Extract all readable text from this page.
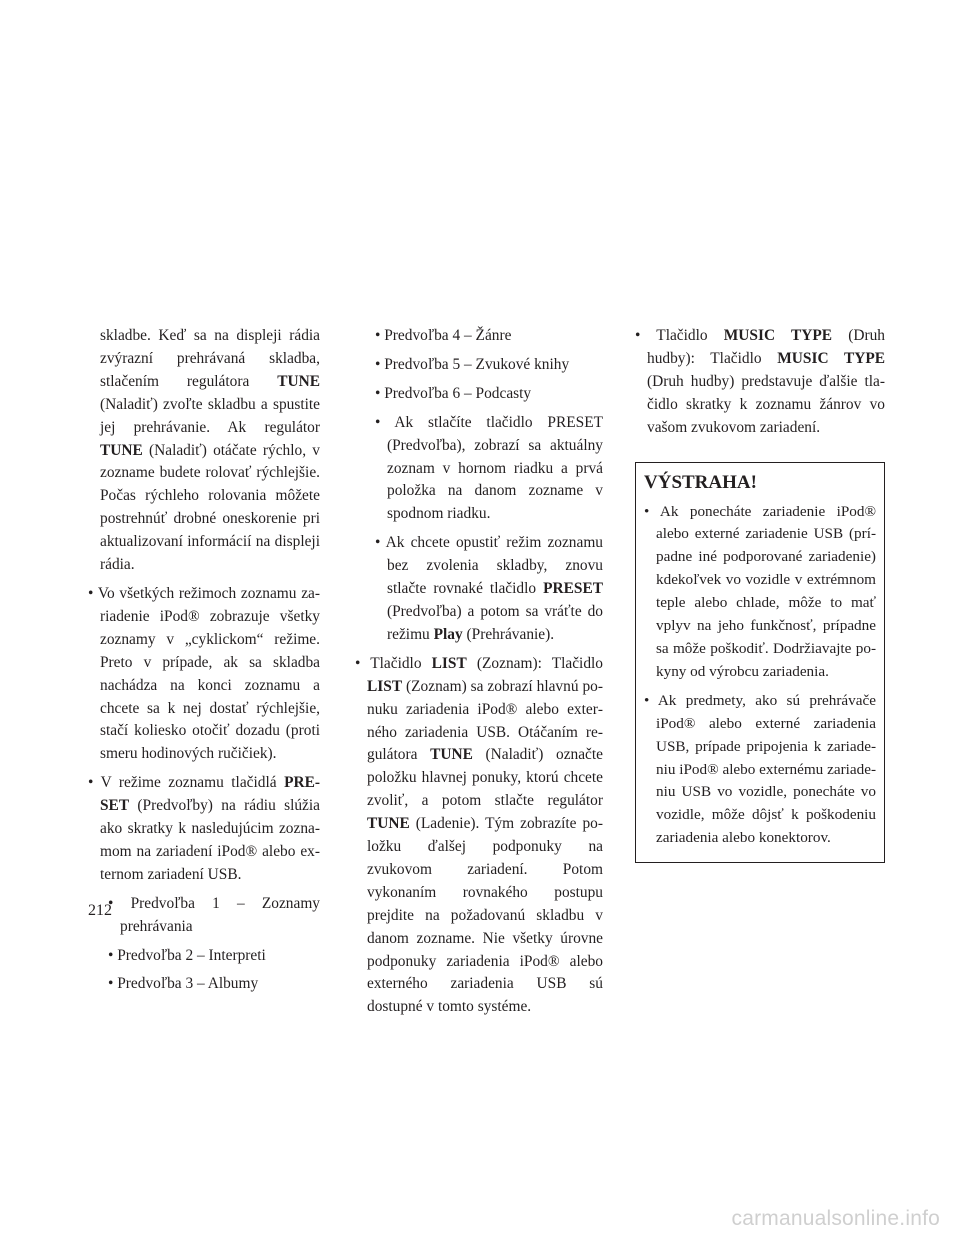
skladbe. Keď sa na displeji rádia zvýrazní prehrávaná skladba, stlačením regulátora TUNE (Naladiť) zvoľte skladbu a spustite jej prehrávanie. Ak regulátor TUNE (Naladiť) otáčate rýchlo, v zozname budete rolovať rýchlejšie. Počas rýchleho rolovania môžete postrehnúť drobné oneskorenie pri aktualizovaní informácií na displeji rádia.

• Vo všetkých režimoch zoznamu zariadenie iPod® zobrazuje všetky zoznamy v „cyklickom“ režime. Preto v prípade, ak sa skladba nachádza na konci zoznamu a chcete sa k nej dostať rýchlejšie, stačí koliesko otočiť dozadu (proti smeru hodinových ručičiek).

• V režime zoznamu tlačidlá PRESET (Predvoľby) na rádiu slúžia ako skratky k nasledujúcim zoznamom na zariadení iPod® alebo externom zariadení USB.

• Predvoľba 1 – Zoznamy prehrávania

• Predvoľba 2 – Interpreti

• Predvoľba 3 – Albumy

• Predvoľba 4 – Žánre

• Predvoľba 5 – Zvukové knihy

• Predvoľba 6 – Podcasty

• Ak stlačíte tlačidlo PRESET (Predvoľba), zobrazí sa aktuálny zoznam v hornom riadku a prvá položka na danom zozname v spodnom riadku.

• Ak chcete opustiť režim zoznamu bez zvolenia skladby, znovu stlačte rovnaké tlačidlo PRESET (Predvoľba) a potom sa vráťte do režimu Play (Prehrávanie).

• Tlačidlo LIST (Zoznam): Tlačidlo LIST (Zoznam) sa zobrazí hlavnú ponuku zariadenia iPod® alebo externého zariadenia USB. Otáčaním regulátora TUNE (Naladiť) označte položku hlavnej ponuky, ktorú chcete zvoliť, a potom stlačte regulátor TUNE (Ladenie). Tým zobrazíte položku ďalšej podponuky na zvukovom zariadení. Potom vykonaním rovnakého postupu prejdite na požadovanú skladbu v danom zozname. Nie všetky úrovne podponuky zariadenia iPod® alebo externého zariadenia USB sú dostupné v tomto systéme.

• Tlačidlo MUSIC TYPE (Druh hudby): Tlačidlo MUSIC TYPE (Druh hudby) predstavuje ďalšie tlačidlo skratky k zoznamu žánrov vo vašom zvukovom zariadení.

VÝSTRAHA!

• Ak ponecháte zariadenie iPod® alebo externé zariadenie USB (prípadne iné podporované zariadenie) kdekoľvek vo vozidle v extrémnom teple alebo chlade, môže to mať vplyv na jeho funkčnosť, prípadne sa môže poškodiť. Dodržiavajte pokyny od výrobcu zariadenia.

• Ak predmety, ako sú prehrávače iPod® alebo externé zariadenia USB, prípade pripojenia k zariadeniu iPod® alebo externému zariadeniu USB vo vozidle, ponecháte vo vozidle, môže dôjsť k poškodeniu zariadenia alebo konektorov.

212
carmanualsonline.info
